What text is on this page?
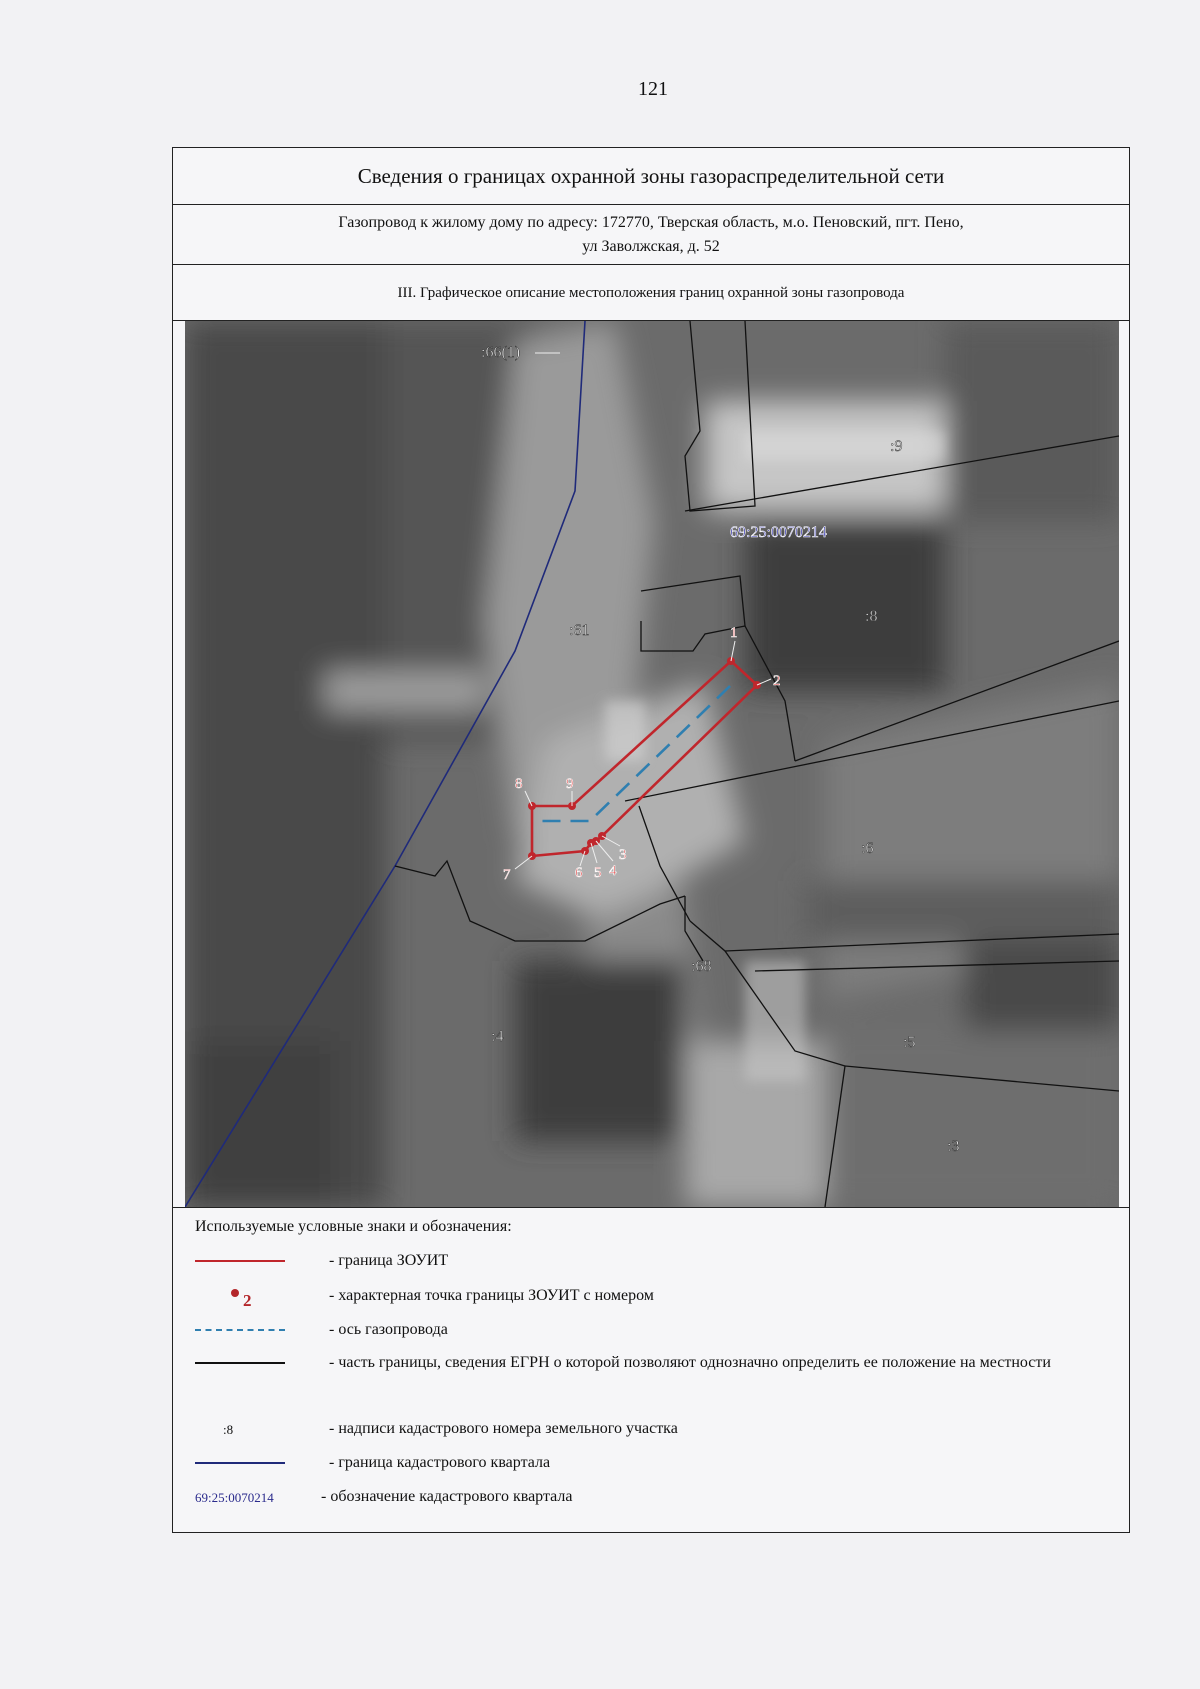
121
Сведения о границах охранной зоны газораспределительной сети
Газопровод к жилому дому по адресу: 172770, Тверская область, м.о. Пеновский, пгт. Пено,
ул Заволжская, д. 52
III. Графическое описание местоположения границ охранной зоны газопровода
1
2
3
4
5
6
7
8	9
:66(1)
:9
:8
:61
:6
:68
:4	:5
:3
69:25:0070214
Используемые условные знаки и обозначения:
- граница ЗОУИТ
2	- характерная точка границы ЗОУИТ с номером
- ось газопровода
- часть границы, сведения ЕГРН о которой позволяют однозначно определить ее положение на местности
:8	- надписи кадастрового номера земельного участка
- граница кадастрового квартала
69:25:0070214	- обозначение кадастрового квартала
